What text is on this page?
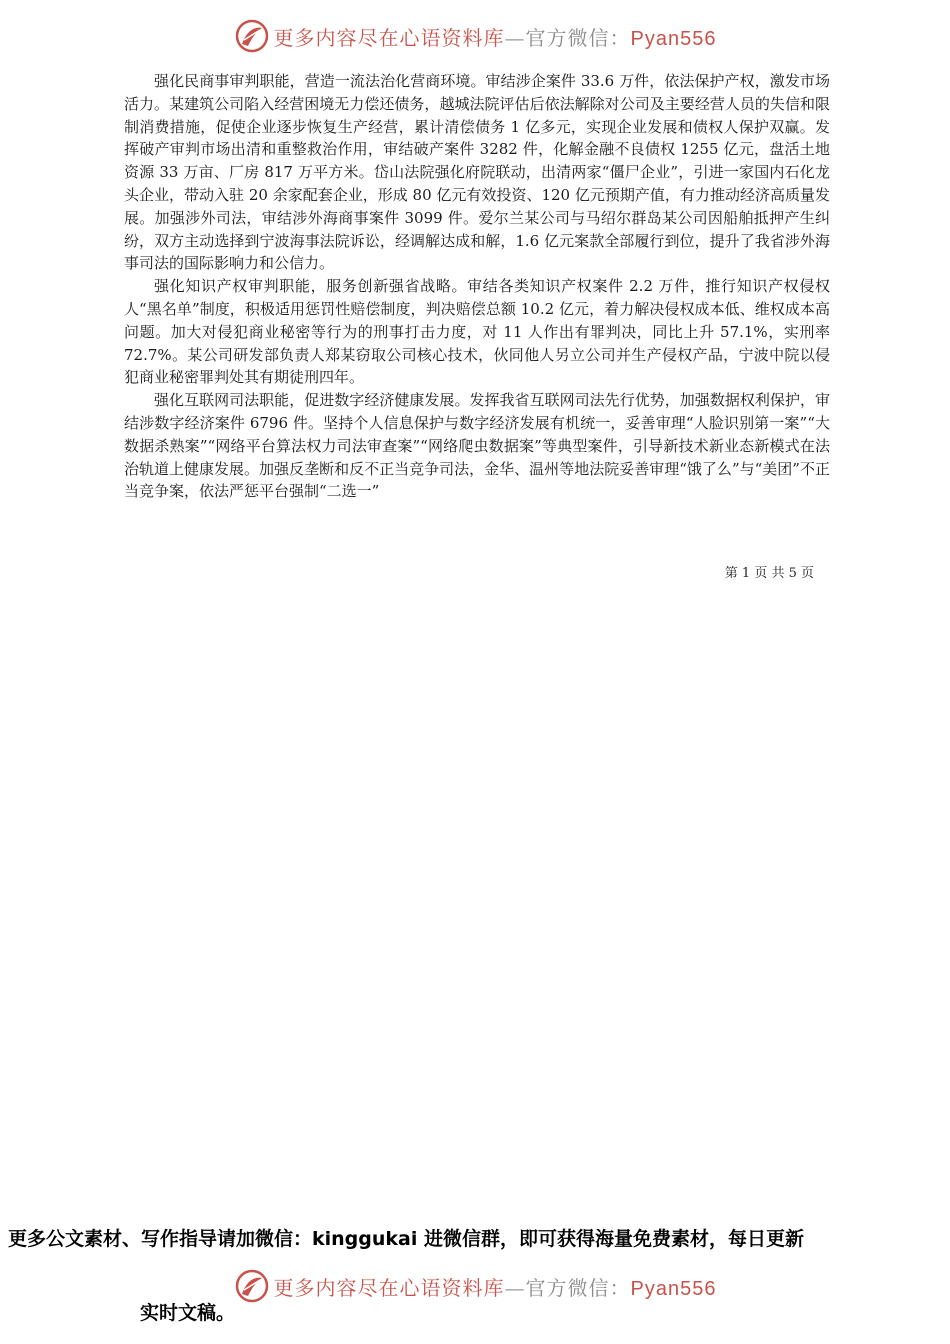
更多内容尽在心语资料库—官方微信：Pyan556

强化民商事审判职能，营造一流法治化营商环境。审结涉企案件 33.6 万件，依法保护产权，激发市场活力。某建筑公司陷入经营困境无力偿还债务，越城法院评估后依法解除对公司及主要经营人员的失信和限制消费措施，促使企业逐步恢复生产经营，累计清偿债务 1 亿多元，实现企业发展和债权人保护双赢。发挥破产审判市场出清和重整救治作用，审结破产案件 3282 件，化解金融不良债权 1255 亿元，盘活土地资源 33 万亩、厂房 817 万平方米。岱山法院强化府院联动，出清两家“僵尸企业”，引进一家国内石化龙头企业，带动入驻 20 余家配套企业，形成 80 亿元有效投资、120 亿元预期产值，有力推动经济高质量发展。加强涉外司法，审结涉外海商事案件 3099 件。爱尔兰某公司与马绍尔群岛某公司因船舶抵押产生纠纷，双方主动选择到宁波海事法院诉讼，经调解达成和解，1.6 亿元案款全部履行到位，提升了我省涉外海事司法的国际影响力和公信力。

强化知识产权审判职能，服务创新强省战略。审结各类知识产权案件 2.2 万件，推行知识产权侵权人“黑名单”制度，积极适用惩罚性赔偿制度，判决赔偿总额 10.2 亿元，着力解决侵权成本低、维权成本高问题。加大对侵犯商业秘密等行为的刑事打击力度，对 11 人作出有罪判决，同比上升 57.1%，实刑率 72.7%。某公司研发部负责人郑某窃取公司核心技术，伙同他人另立公司并生产侵权产品，宁波中院以侵犯商业秘密罪判处其有期徒刑四年。

强化互联网司法职能，促进数字经济健康发展。发挥我省互联网司法先行优势，加强数据权利保护，审结涉数字经济案件 6796 件。坚持个人信息保护与数字经济发展有机统一，妥善审理“人脸识别第一案”“大数据杀熟案”“网络平台算法权力司法审查案”“网络爬虫数据案”等典型案件，引导新技术新业态新模式在法治轨道上健康发展。加强反垄断和反不正当竞争司法，金华、温州等地法院妥善审理“饿了么”与“美团”不正当竞争案，依法严惩平台强制“二选一”

第 1 页 共 5 页
更多公文素材、写作指导请加微信：kinggukai 进微信群，即可获得海量免费素材，每日更新
更多内容尽在心语资料库—官方微信：Pyan556
实时文稿。
